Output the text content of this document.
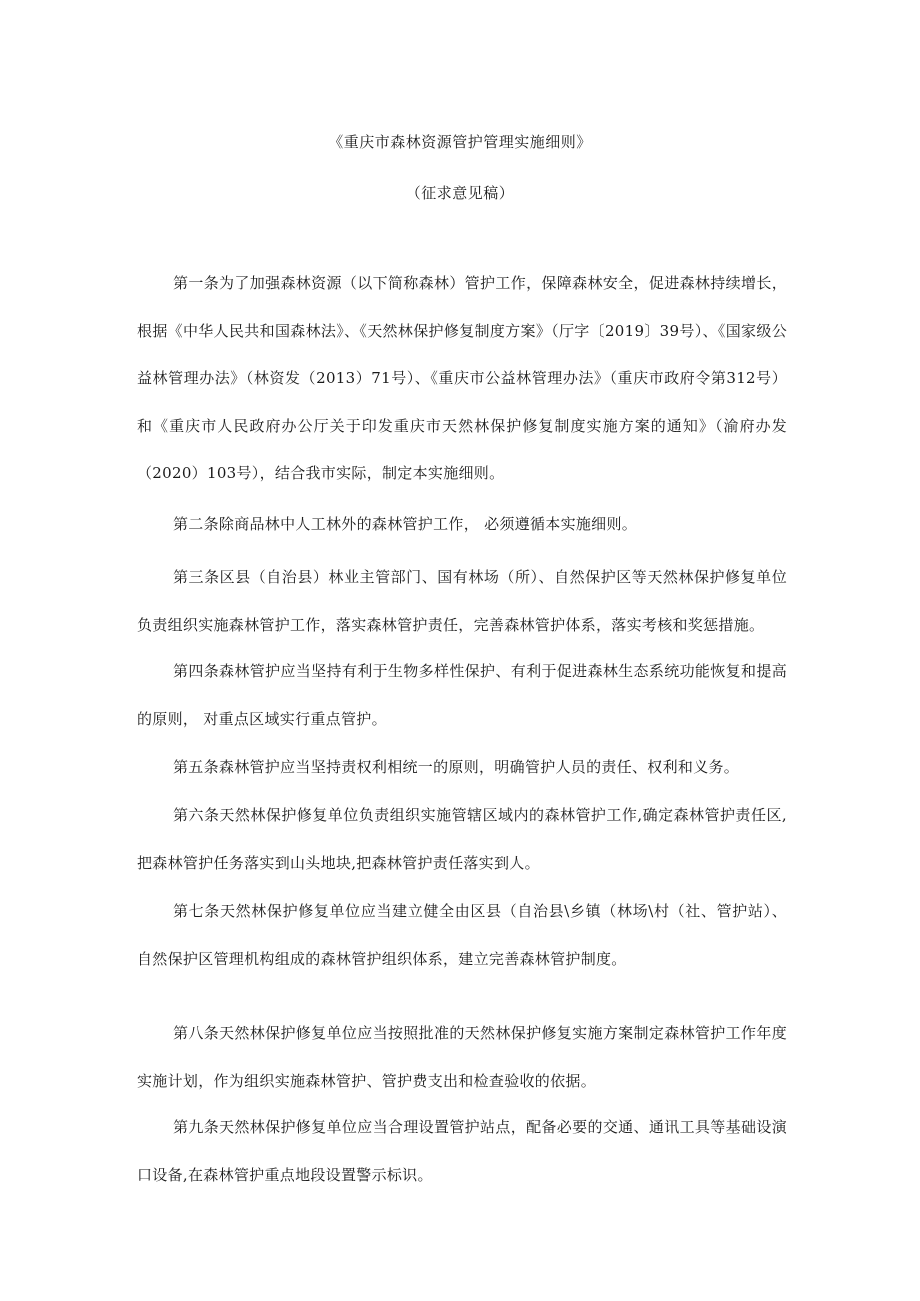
《重庆市森林资源管护管理实施细则》
（征求意见稿）

第一条为了加强森林资源（以下简称森林）管护工作，保障森林安全，促进森林持续增长，根据《中华人民共和国森林法》、《天然林保护修复制度方案》（厅字〔2019〕39号）、《国家级公益林管理办法》（林资发（2013）71号）、《重庆市公益林管理办法》（重庆市政府令第312号）和《重庆市人民政府办公厅关于印发重庆市天然林保护修复制度实施方案的通知》（渝府办发（2020）103号），结合我市实际，制定本实施细则。

第二条除商品林中人工林外的森林管护工作， 必须遵循本实施细则。

第三条区县（自治县）林业主管部门、国有林场（所）、自然保护区等天然林保护修复单位负责组织实施森林管护工作，落实森林管护责任，完善森林管护体系，落实考核和奖惩措施。

第四条森林管护应当坚持有利于生物多样性保护、有利于促进森林生态系统功能恢复和提高的原则， 对重点区域实行重点管护。

第五条森林管护应当坚持责权利相统一的原则，明确管护人员的责任、权利和义务。

第六条天然林保护修复单位负责组织实施管辖区域内的森林管护工作,确定森林管护责任区,把森林管护任务落实到山头地块,把森林管护责任落实到人。

第七条天然林保护修复单位应当建立健全由区县（自治县\乡镇（林场\村（社、管护站）、自然保护区管理机构组成的森林管护组织体系，建立完善森林管护制度。

第八条天然林保护修复单位应当按照批准的天然林保护修复实施方案制定森林管护工作年度实施计划，作为组织实施森林管护、管护费支出和检查验收的依据。

第九条天然林保护修复单位应当合理设置管护站点，配备必要的交通、通讯工具等基础设演口设备,在森林管护重点地段设置警示标识。
